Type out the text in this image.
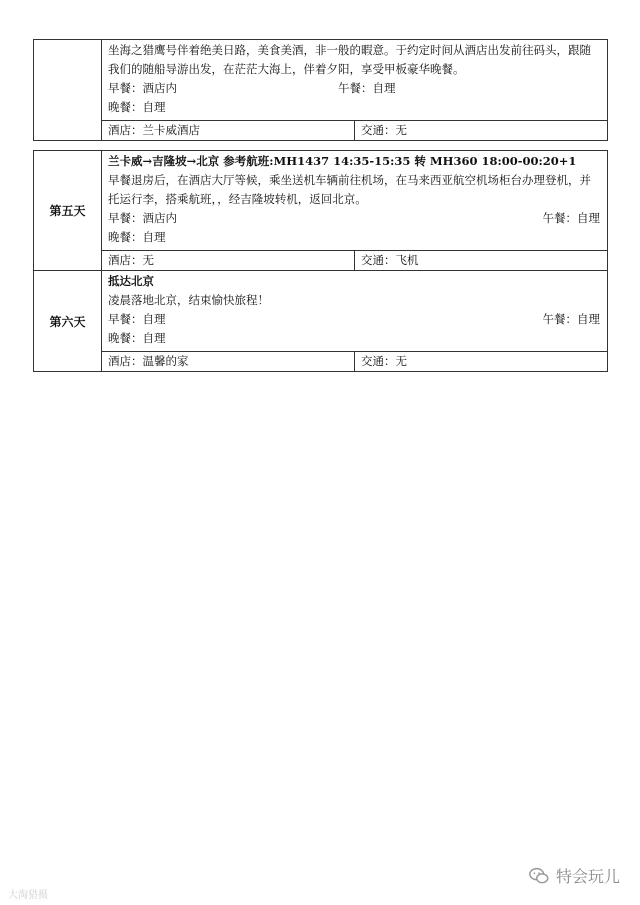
	坐海之猎鹰号伴着绝美日路，美食美酒，非一般的暇意。于约定时间从酒店出发前往码头，跟随我们的随船导游出发，在茫茫大海上，伴着夕阳，享受甲板豪华晚餐。
早餐：酒店内 午餐：自理
晚餐：自理	

	酒店：兰卡威酒店	交通：无
第五天	兰卡威→吉隆坡→北京 参考航班:MH1437 14:35-15:35 转 MH360 18:00-00:20+1
早餐退房后，在酒店大厅等候，乘坐送机车辆前往机场，在马来西亚航空机场柜台办理登机，并托运行李，搭乘航班，，经吉隆坡转机，返回北京。
早餐：酒店内 午餐：自理
晚餐：自理	

	酒店：无	交通：飞机
第六天	抵达北京
凌晨落地北京，结束愉快旅程！
早餐：自理 午餐：自理
晚餐：自理	

	酒店：温馨的家	交通：无
特会玩儿
大淘猎摄
